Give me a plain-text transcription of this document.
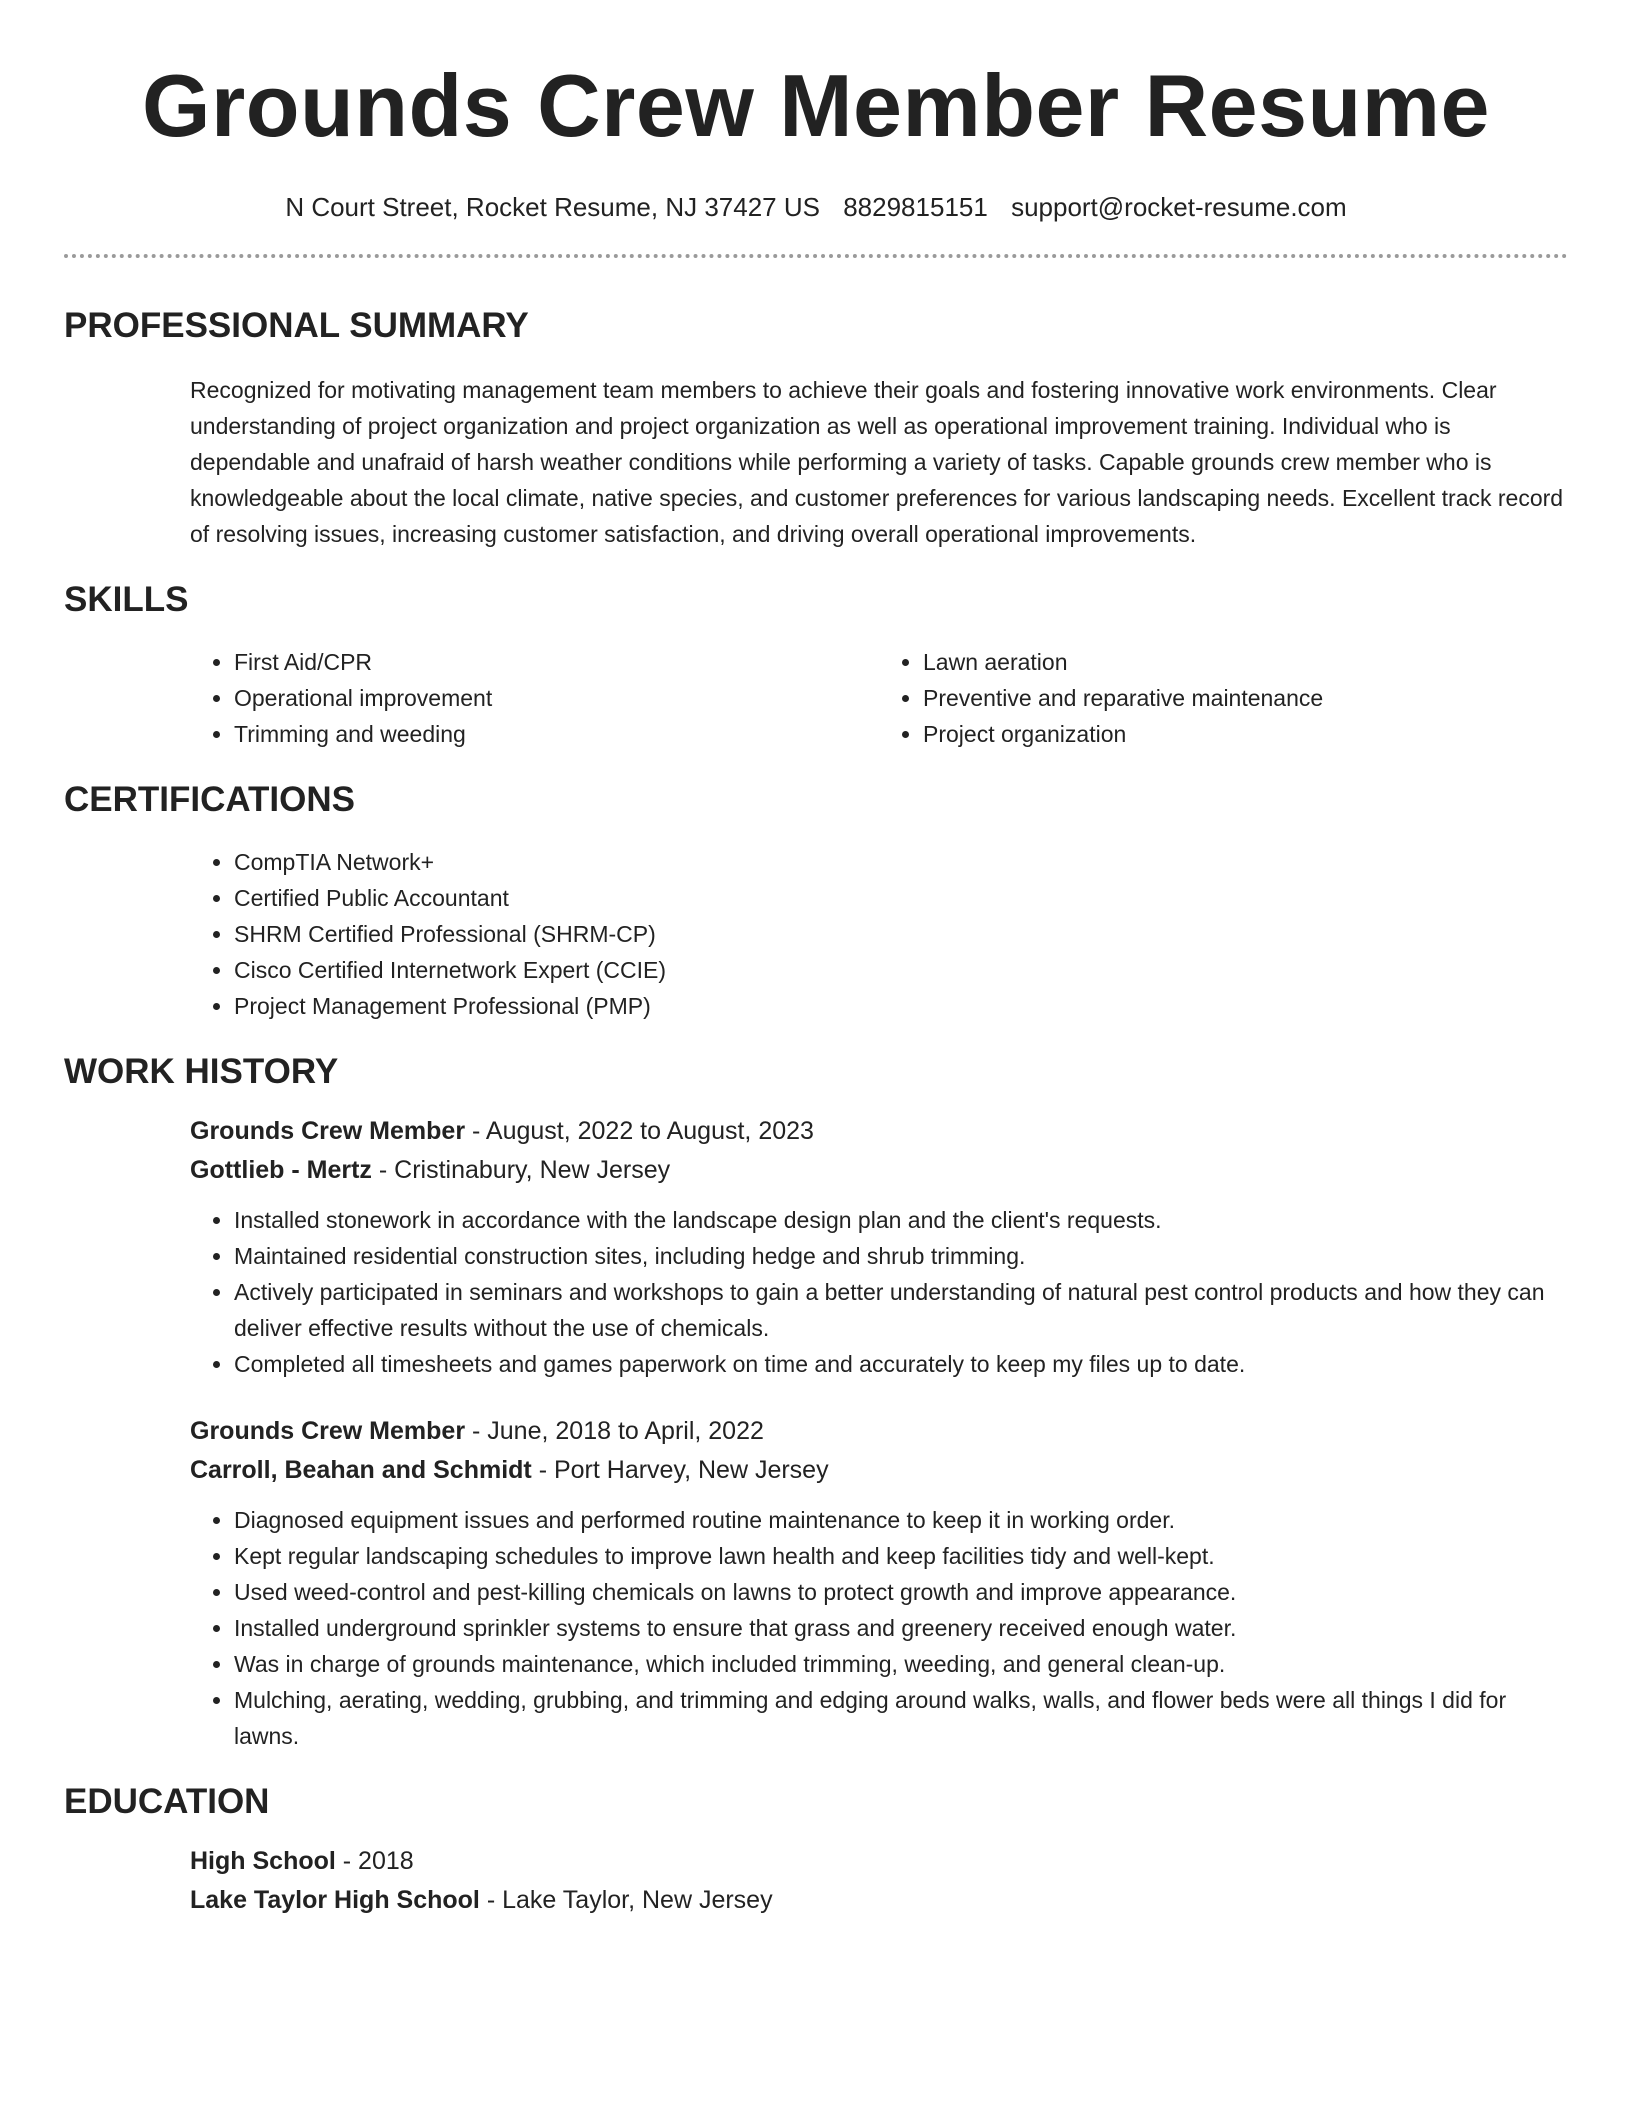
Grounds Crew Member Resume
N Court Street, Rocket Resume, NJ 37427 US 8829815151 support@rocket-resume.com
PROFESSIONAL SUMMARY

Recognized for motivating management team members to achieve their goals and fostering innovative work environments. Clear understanding of project organization and project organization as well as operational improvement training. Individual who is dependable and unafraid of harsh weather conditions while performing a variety of tasks. Capable grounds crew member who is knowledgeable about the local climate, native species, and customer preferences for various landscaping needs. Excellent track record of resolving issues, increasing customer satisfaction, and driving overall operational improvements.

SKILLS
• First Aid/CPR
• Operational improvement
• Trimming and weeding
• Lawn aeration
• Preventive and reparative maintenance
• Project organization
CERTIFICATIONS
• CompTIA Network+
• Certified Public Accountant
• SHRM Certified Professional (SHRM-CP)
• Cisco Certified Internetwork Expert (CCIE)
• Project Management Professional (PMP)
WORK HISTORY
Grounds Crew Member - August, 2022 to August, 2023
Gottlieb - Mertz - Cristinabury, New Jersey
• Installed stonework in accordance with the landscape design plan and the client's requests.
• Maintained residential construction sites, including hedge and shrub trimming.
• Actively participated in seminars and workshops to gain a better understanding of natural pest control products and how they can deliver effective results without the use of chemicals.
• Completed all timesheets and games paperwork on time and accurately to keep my files up to date.
Grounds Crew Member - June, 2018 to April, 2022
Carroll, Beahan and Schmidt - Port Harvey, New Jersey
• Diagnosed equipment issues and performed routine maintenance to keep it in working order.
• Kept regular landscaping schedules to improve lawn health and keep facilities tidy and well-kept.
• Used weed-control and pest-killing chemicals on lawns to protect growth and improve appearance.
• Installed underground sprinkler systems to ensure that grass and greenery received enough water.
• Was in charge of grounds maintenance, which included trimming, weeding, and general clean-up.
• Mulching, aerating, wedding, grubbing, and trimming and edging around walks, walls, and flower beds were all things I did for lawns.
EDUCATION
High School - 2018
Lake Taylor High School - Lake Taylor, New Jersey
